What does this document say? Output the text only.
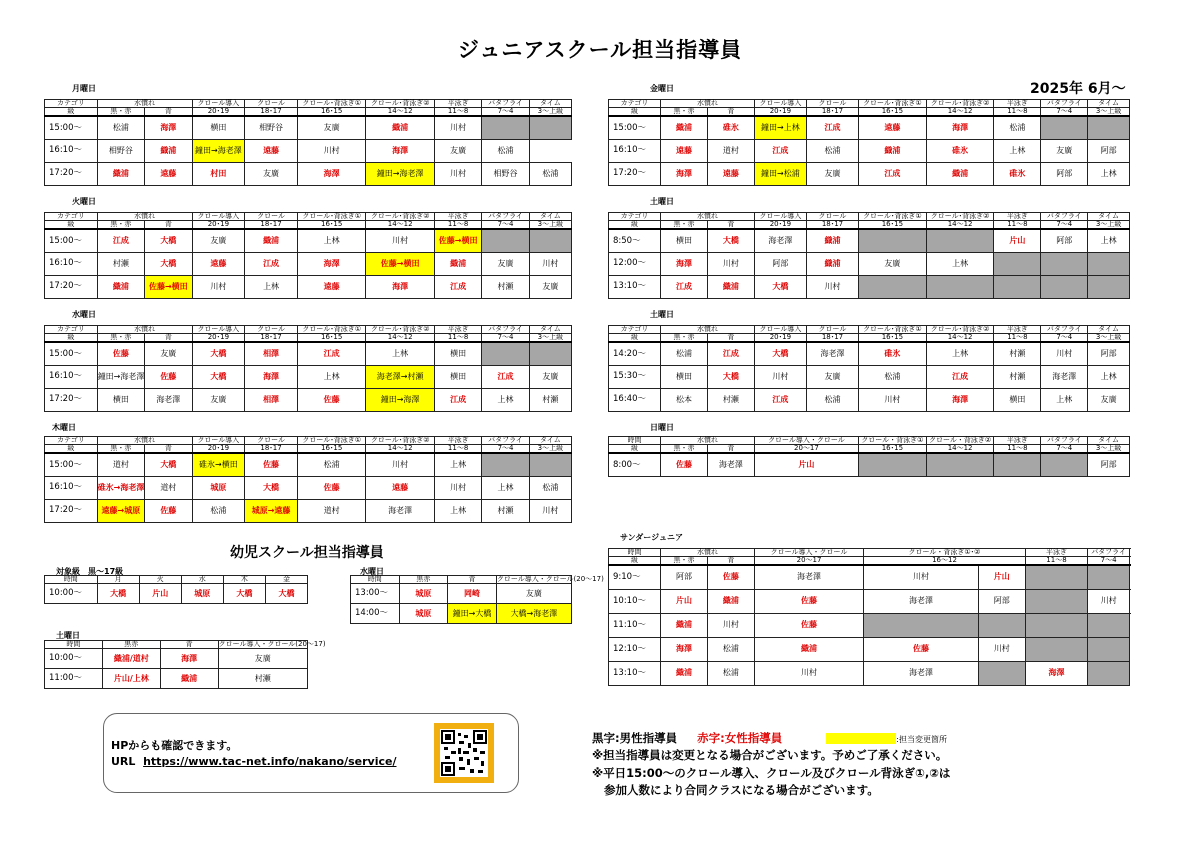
ジュニアスクール担当指導員
2025年 6月～
月曜日
カテゴリ	水慣れ		クロール導入	クロール	クロール･背泳ぎ①	クロール･背泳ぎ②	平泳ぎ	バタフライ	タイム
級	黒・赤	青	20･19	18･17	16･15	14～12	11～8	7～4	3～上級
15:00～	松浦	海澤	横田	相野谷	友廣	織浦	川村		
16:10～	相野谷	織浦	鐘田→海老澤	遠藤	川村	海澤	友廣	松浦	
17:20～	織浦	遠藤	村田	友廣	海澤	鐘田→海老澤	川村	相野谷	松浦
火曜日
カテゴリ	水慣れ		クロール導入	クロール	クロール･背泳ぎ①	クロール･背泳ぎ②	平泳ぎ	バタフライ	タイム
級	黒・赤	青	20･19	18･17	16･15	14～12	11～8	7～4	3～上級
15:00～	江成	大橋	友廣	織浦	上林	川村	佐藤→横田		
16:10～	村瀬	大橋	遠藤	江成	海澤	佐藤→横田	織浦	友廣	川村
17:20～	織浦	佐藤→横田	川村	上林	遠藤	海澤	江成	村瀬	友廣
水曜日
カテゴリ	水慣れ		クロール導入	クロール	クロール･背泳ぎ①	クロール･背泳ぎ②	平泳ぎ	バタフライ	タイム
級	黒・赤	青	20･19	18･17	16･15	14～12	11～8	7～4	3～上級
15:00～	佐藤	友廣	大橋	相澤	江成	上林	横田		
16:10～	鐘田→海老澤	佐藤	大橋	海澤	上林	海老澤→村瀬	横田	江成	友廣
17:20～	横田	海老澤	友廣	相澤	佐藤	鐘田→海澤	江成	上林	村瀬
木曜日
カテゴリ	水慣れ		クロール導入	クロール	クロール･背泳ぎ①	クロール･背泳ぎ②	平泳ぎ	バタフライ	タイム
級	黒・赤	青	20･19	18･17	16･15	14～12	11～8	7～4	3～上級
15:00～	道村	大橋	碓氷→横田	佐藤	松浦	川村	上林		
16:10～	碓氷→海老澤	道村	城原	大橋	佐藤	遠藤	川村	上林	松浦
17:20～	遠藤→城原	佐藤	松浦	城原→遠藤	道村	海老澤	上林	村瀬	川村
金曜日
カテゴリ	水慣れ		クロール導入	クロール	クロール･背泳ぎ①	クロール･背泳ぎ②	平泳ぎ	バタフライ	タイム
級	黒・赤	青	20･19	18･17	16･15	14～12	11～8	7～4	3～上級
15:00～	織浦	碓氷	鐘田→上林	江成	遠藤	海澤	松浦		
16:10～	遠藤	道村	江成	松浦	織浦	碓氷	上林	友廣	阿部
17:20～	海澤	遠藤	鐘田→松浦	友廣	江成	織浦	碓氷	阿部	上林
土曜日
カテゴリ	水慣れ		クロール導入	クロール	クロール･背泳ぎ①	クロール･背泳ぎ②	平泳ぎ	バタフライ	タイム
級	黒・赤	青	20･19	18･17	16･15	14～12	11～8	7～4	3～上級
8:50～	横田	大橋	海老澤	織浦			片山	阿部	上林
12:00～	海澤	川村	阿部	織浦	友廣	上林			
13:10～	江成	織浦	大橋	川村					
土曜日
カテゴリ	水慣れ		クロール導入	クロール	クロール･背泳ぎ①	クロール･背泳ぎ②	平泳ぎ	バタフライ	タイム
級	黒・赤	青	20･19	18･17	16･15	14～12	11～8	7～4	3～上級
14:20～	松浦	江成	大橋	海老澤	碓氷	上林	村瀬	川村	阿部
15:30～	横田	大橋	川村	友廣	松浦	江成	村瀬	海老澤	上林
16:40～	松本	村瀬	江成	松浦	川村	海澤	横田	上林	友廣
日曜日
時間	水慣れ		クロール導入・クロール	クロール・背泳ぎ①	クロール・背泳ぎ②	平泳ぎ	バタフライ	タイム
級	黒・赤	青	20～17	16･15	14～12	11～8	7～4	3～上級
8:00～	佐藤	海老澤	片山					阿部
サンダージュニア
時間	水慣れ		クロール導入・クロール	クロール・背泳ぎ①･②		平泳ぎ	バタフライ	
級	黒・赤	青	20～17	16～12		11～8	7～4	
9:10～	阿部	佐藤	海老澤	川村	片山			
10:10～	片山	織浦	佐藤	海老澤	阿部		川村	
11:10～	織浦	川村	佐藤					
12:10～	海澤	松浦	織浦	佐藤	川村			
13:10～	織浦	松浦	川村	海老澤		海澤		
幼児スクール担当指導員
対象級　黒～17級
時間	月	火	水	木	金
10:00～	大橋	片山	城原	大橋	大橋
水曜日
時間	黒赤	青	クロール導入・クロール(20～17)
13:00～	城原	岡崎	友廣
14:00～	城原	鐘田→大橋	大橋→海老澤
土曜日
時間	黒赤	青	クロール導入・クロール(20～17)
10:00～	織浦/道村	海澤	友廣
11:00～	片山/上林	織浦	村瀬
HPからも確認できます。
URL https://www.tac-net.info/nakano/service/
黒字:男性指導員 赤字:女性指導員	:担当変更箇所
※担当指導員は変更となる場合がございます。予めご了承ください。
※平日15:00～のクロール導入、クロール及びクロール背泳ぎ①,②は
参加人数により合同クラスになる場合がございます。
